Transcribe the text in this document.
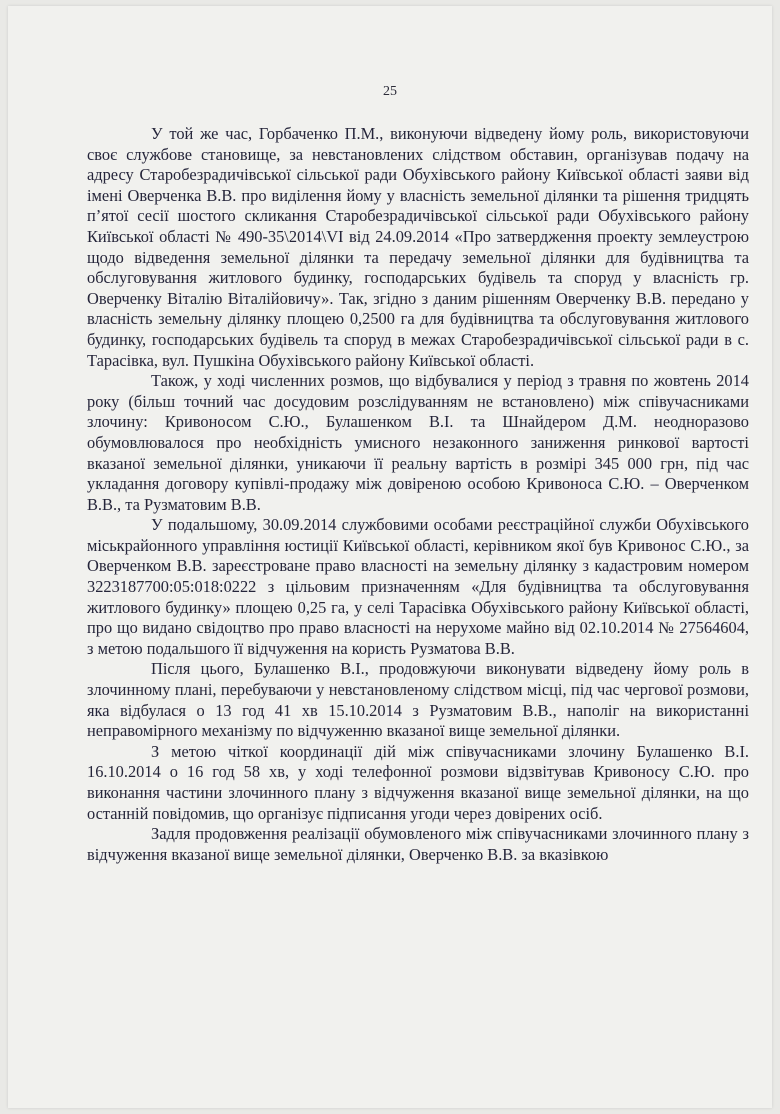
25

У той же час, Горбаченко П.М., виконуючи відведену йому роль, використовуючи своє службове становище, за невстановлених слідством обставин, організував подачу на адресу Старобезрадичівської сільської ради Обухівського району Київської області заяви від імені Оверченка В.В. про виділення йому у власність земельної ділянки та рішення тридцять п’ятої сесії шостого скликання Старобезрадичівської сільської ради Обухівського району Київської області № 490-35\2014\VI від 24.09.2014 «Про затвердження проекту землеустрою щодо відведення земельної ділянки та передачу земельної ділянки для будівництва та обслуговування житлового будинку, господарських будівель та споруд у власність гр. Оверченку Віталію Віталійовичу». Так, згідно з даним рішенням Оверченку В.В. передано у власність земельну ділянку площею 0,2500 га для будівництва та обслуговування житлового будинку, господарських будівель та споруд в межах Старобезрадичівської сільської ради в с. Тарасівка, вул. Пушкіна Обухівського району Київської області.

Також, у ході численних розмов, що відбувалися у період з травня по жовтень 2014 року (більш точний час досудовим розслідуванням не встановлено) між співучасниками злочину: Кривоносом С.Ю., Булашенком В.І. та Шнайдером Д.М. неодноразово обумовлювалося про необхідність умисного незаконного заниження ринкової вартості вказаної земельної ділянки, уникаючи її реальну вартість в розмірі 345 000 грн, під час укладання договору купівлі-продажу між довіреною особою Кривоноса С.Ю. – Оверченком В.В., та Рузматовим В.В.

У подальшому, 30.09.2014 службовими особами реєстраційної служби Обухівського міськрайонного управління юстиції Київської області, керівником якої був Кривонос С.Ю., за Оверченком В.В. зареєстроване право власності на земельну ділянку з кадастровим номером 3223187700:05:018:0222 з цільовим призначенням «Для будівництва та обслуговування житлового будинку» площею 0,25 га, у селі Тарасівка Обухівського району Київської області, про що видано свідоцтво про право власності на нерухоме майно від 02.10.2014 № 27564604, з метою подальшого її відчуження на користь Рузматова В.В.

Після цього, Булашенко В.І., продовжуючи виконувати відведену йому роль в злочинному плані, перебуваючи у невстановленому слідством місці, під час чергової розмови, яка відбулася о 13 год 41 хв 15.10.2014 з Рузматовим В.В., наполіг на використанні неправомірного механізму по відчуженню вказаної вище земельної ділянки.

З метою чіткої координації дій між співучасниками злочину Булашенко В.І. 16.10.2014 о 16 год 58 хв, у ході телефонної розмови відзвітував Кривоносу С.Ю. про виконання частини злочинного плану з відчуження вказаної вище земельної ділянки, на що останній повідомив, що організує підписання угоди через довірених осіб.

Задля продовження реалізації обумовленого між співучасниками злочинного плану з відчуження вказаної вище земельної ділянки, Оверченко В.В. за вказівкою
